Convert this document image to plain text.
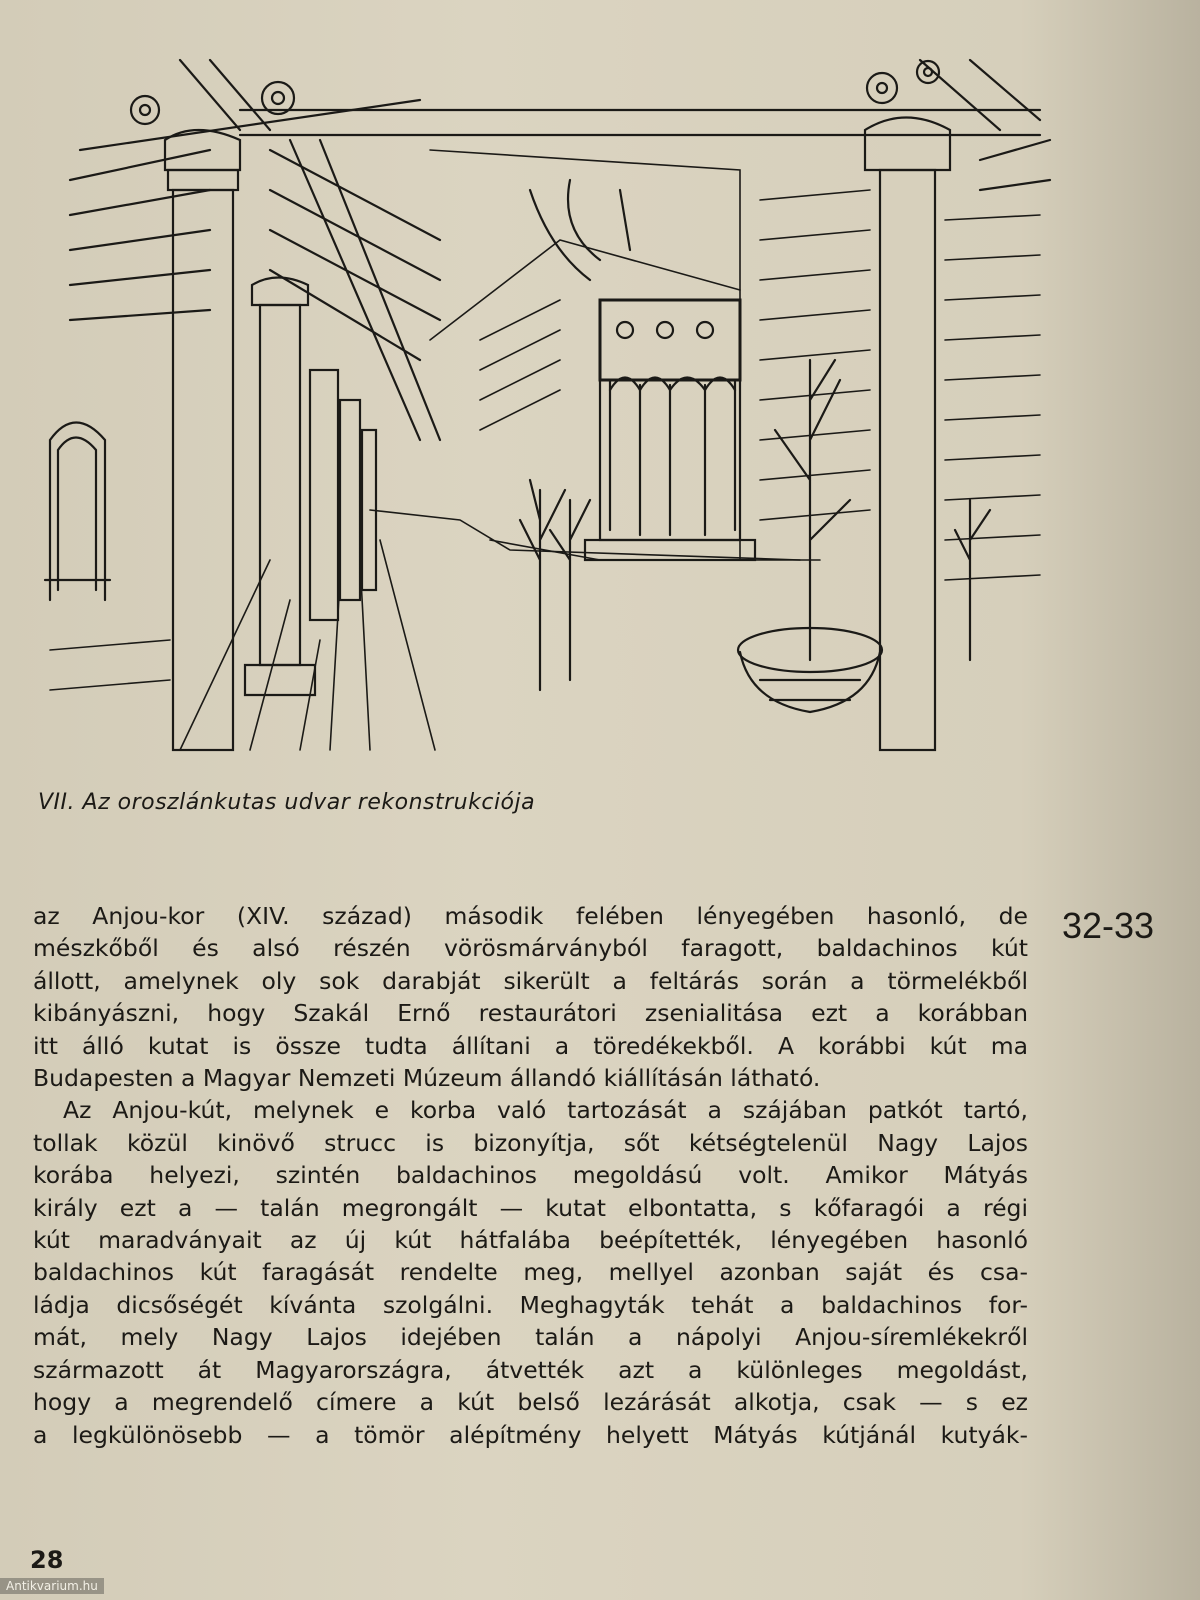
VII. Az oroszlánkutas udvar rekonstrukciója
32-33
az Anjou-kor (XIV. század) második felében lényegében hasonló, de
mészkőből és alsó részén vörösmárványból faragott, baldachinos kút
állott, amelynek oly sok darabját sikerült a feltárás során a törmelékből
kibányászni, hogy Szakál Ernő restaurátori zsenialitása ezt a korábban
itt álló kutat is össze tudta állítani a töredékekből. A korábbi kút ma
Budapesten a Magyar Nemzeti Múzeum állandó kiállításán látható.
Az Anjou-kút, melynek e korba való tartozását a szájában patkót tartó,
tollak közül kinövő strucc is bizonyítja, sőt kétségtelenül Nagy Lajos
korába helyezi, szintén baldachinos megoldású volt. Amikor Mátyás
király ezt a — talán megrongált — kutat elbontatta, s kőfaragói a régi
kút maradványait az új kút hátfalába beépítették, lényegében hasonló
baldachinos kút faragását rendelte meg, mellyel azonban saját és csa-
ládja dicsőségét kívánta szolgálni. Meghagyták tehát a baldachinos for-
mát, mely Nagy Lajos idejében talán a nápolyi Anjou-síremlékekről
származott át Magyarországra, átvették azt a különleges megoldást,
hogy a megrendelő címere a kút belső lezárását alkotja, csak — s ez
a legkülönösebb — a tömör alépítmény helyett Mátyás kútjánál kutyák-
28
Antikvarium.hu
